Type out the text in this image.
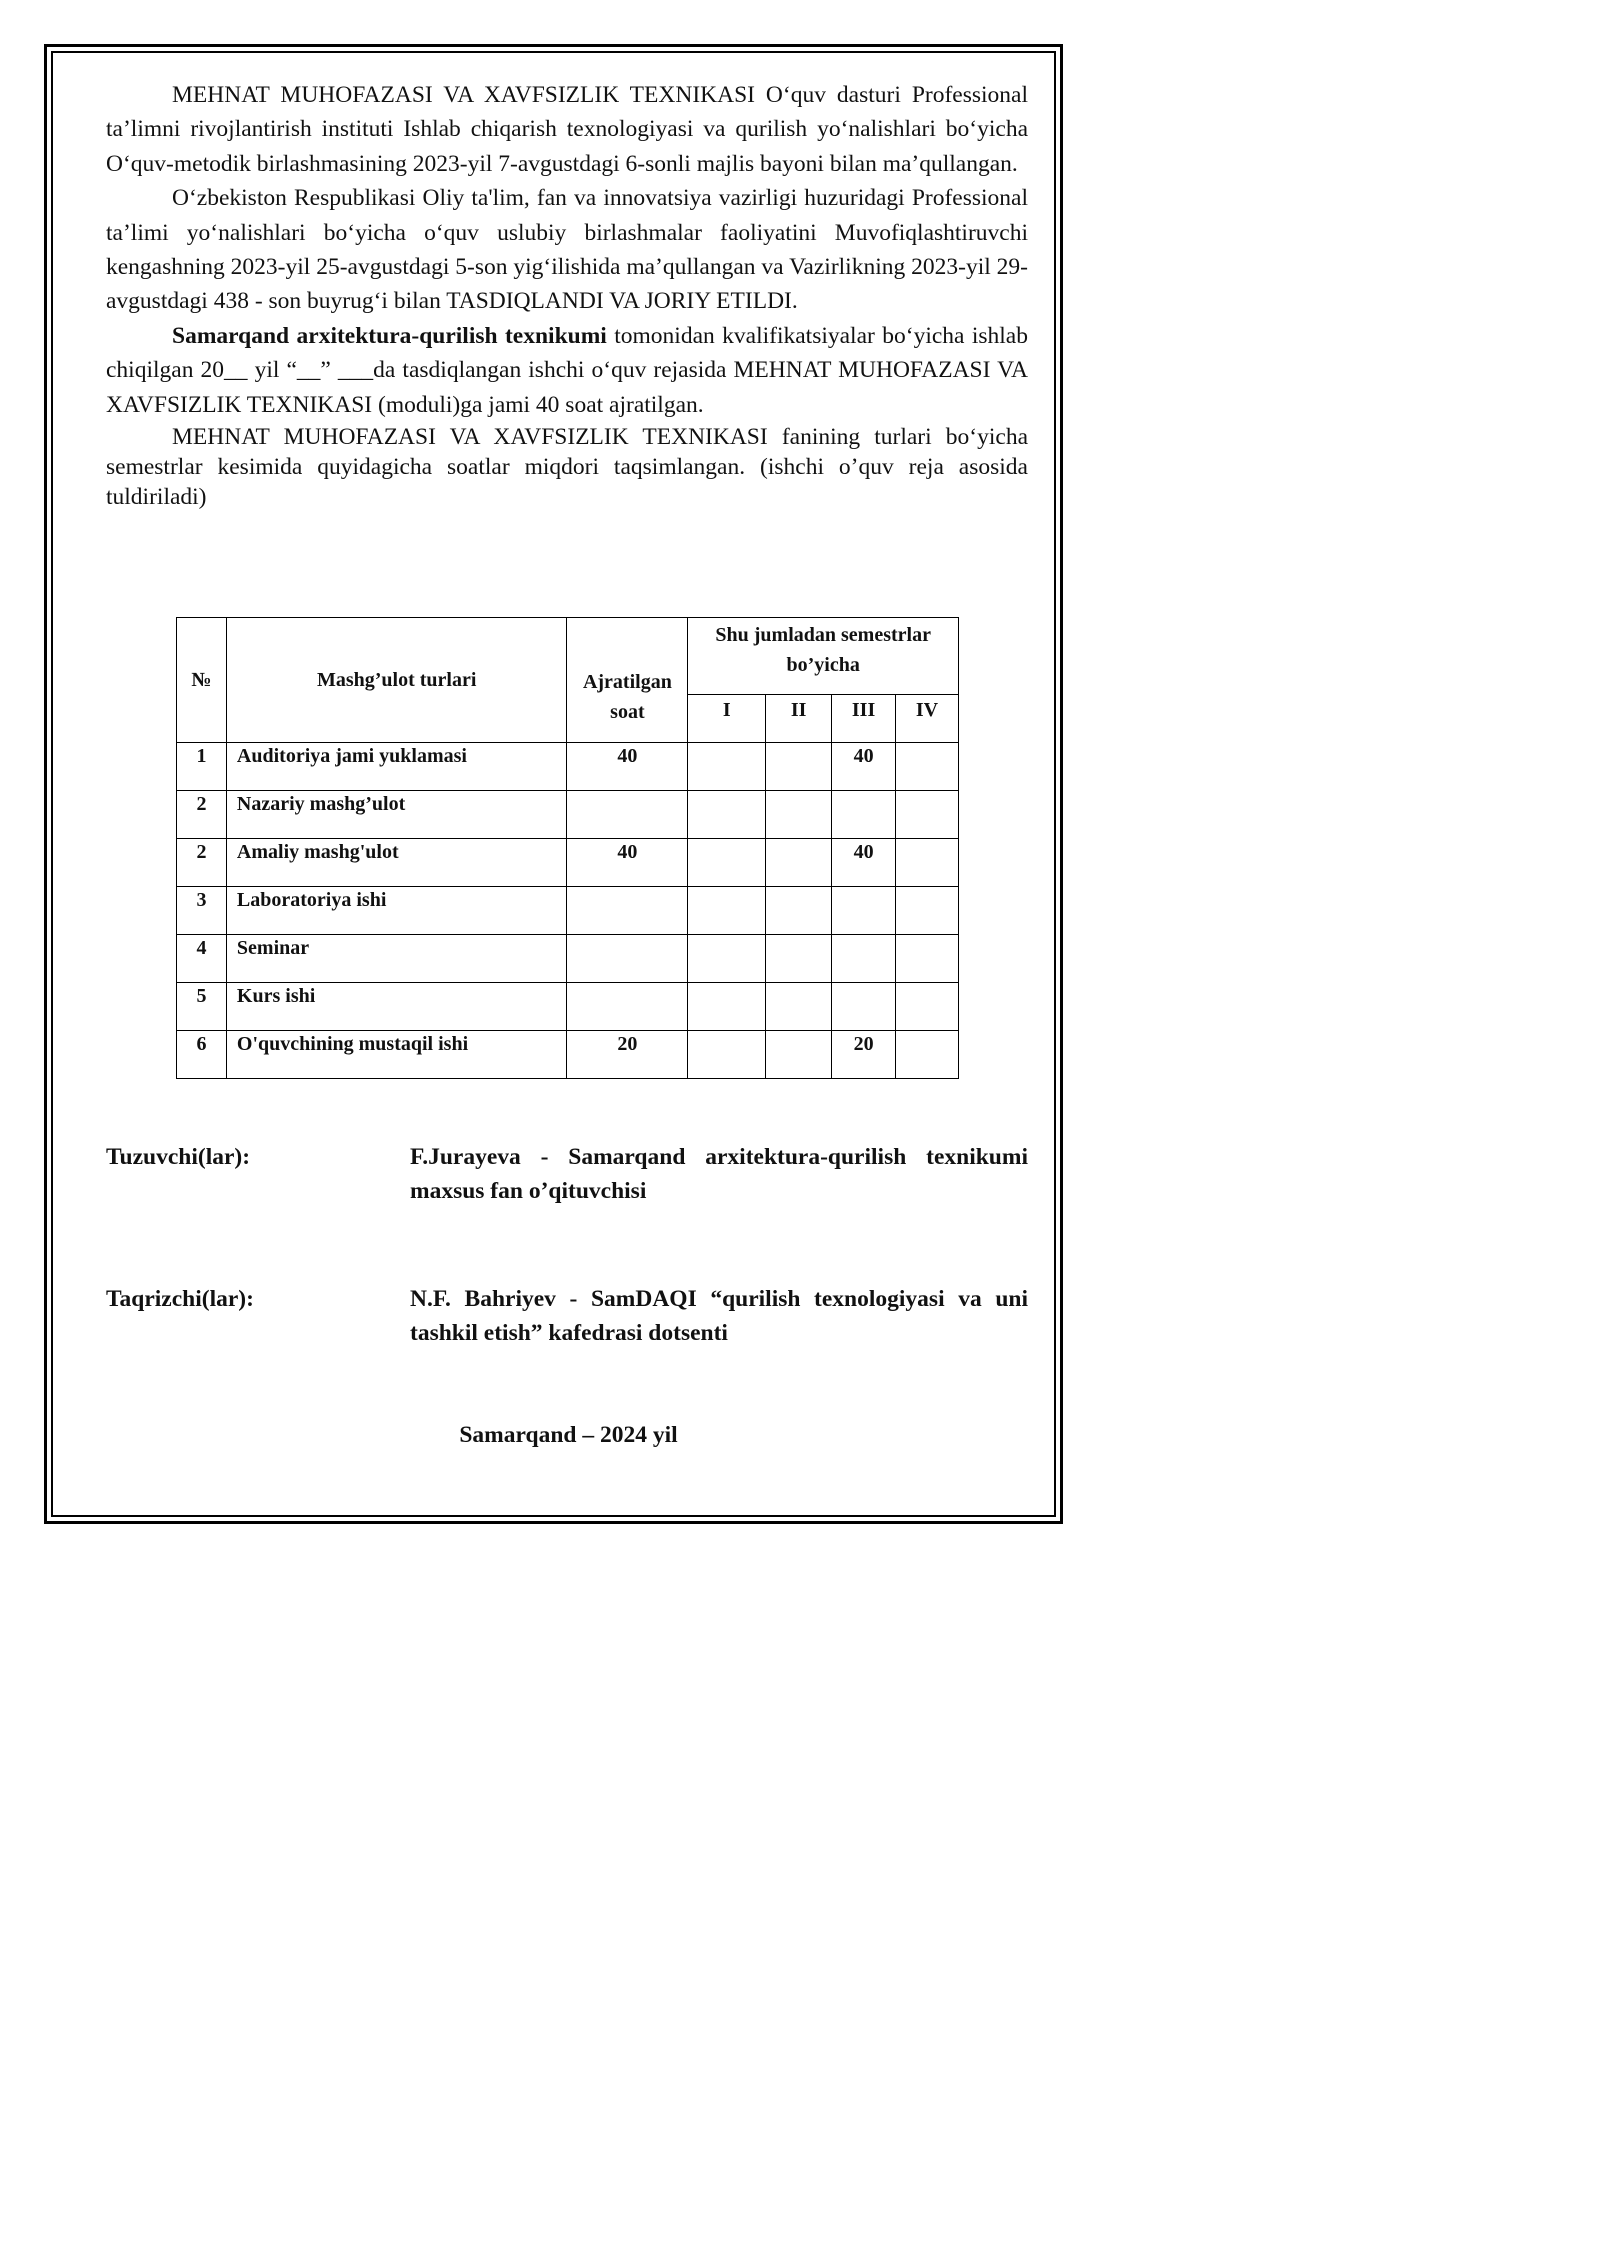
MEHNAT MUHOFAZASI VA XAVFSIZLIK TEXNIKASI O‘quv dasturi Professional ta’limni rivojlantirish instituti Ishlab chiqarish texnologiyasi va qurilish yo‘nalishlari bo‘yicha O‘quv-metodik birlashmasining 2023-yil 7-avgustdagi 6-sonli majlis bayoni bilan ma’qullangan.

O‘zbekiston Respublikasi Oliy ta'lim, fan va innovatsiya vazirligi huzuridagi Professional ta’limi yo‘nalishlari bo‘yicha o‘quv uslubiy birlashmalar faoliyatini Muvofiqlashtiruvchi kengashning 2023-yil 25-avgustdagi 5-son yig‘ilishida ma’qullangan va Vazirlikning 2023-yil 29-avgustdagi 438 - son buyrug‘i bilan TASDIQLANDI VA JORIY ETILDI.

Samarqand arxitektura-qurilish texnikumi tomonidan kvalifikatsiyalar bo‘yicha ishlab chiqilgan 20__ yil “__” ___da tasdiqlangan ishchi o‘quv rejasida MEHNAT MUHOFAZASI VA XAVFSIZLIK TEXNIKASI (moduli)ga jami 40 soat ajratilgan.

MEHNAT MUHOFAZASI VA XAVFSIZLIK TEXNIKASI fanining turlari bo‘yicha semestrlar kesimida quyidagicha soatlar miqdori taqsimlangan. (ishchi o’quv reja asosida tuldiriladi)

№	Mashg’ulot turlari	Ajratilgan soat	Shu jumladan semestrlar bo’yicha			
			I	II	III	IV
1	Auditoriya jami yuklamasi	40			40	
2	Nazariy mashg’ulot					
2	Amaliy mashg'ulot	40			40	
3	Laboratoriya ishi					
4	Seminar					
5	Kurs ishi					
6	O'quvchining mustaqil ishi	20			20	
Tuzuvchi(lar):	F.Jurayeva - Samarqand arxitektura-qurilish texnikumi maxsus fan o’qituvchisi
Taqrizchi(lar):	N.F. Bahriyev - SamDAQI “qurilish texnologiyasi va uni tashkil etish” kafedrasi dotsenti
Samarqand – 2024 yil
